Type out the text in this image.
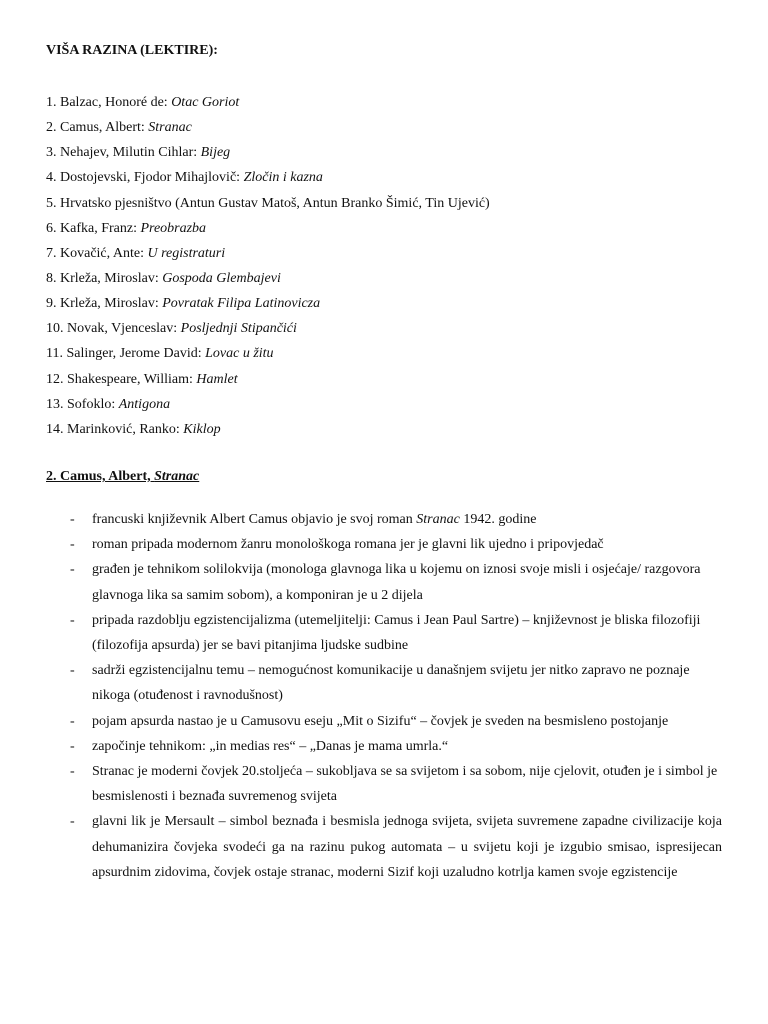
VIŠA RAZINA (LEKTIRE):
1. Balzac, Honoré de: Otac Goriot
2. Camus, Albert: Stranac
3. Nehajev, Milutin Cihlar: Bijeg
4. Dostojevski, Fjodor Mihajlovič: Zločin i kazna
5. Hrvatsko pjesništvo (Antun Gustav Matoš, Antun Branko Šimić, Tin Ujević)
6. Kafka, Franz: Preobrazba
7. Kovačić, Ante: U registraturi
8. Krleža, Miroslav: Gospoda Glembajevi
9. Krleža, Miroslav: Povratak Filipa Latinovicza
10. Novak, Vjenceslav: Posljednji Stipančići
11. Salinger, Jerome David: Lovac u žitu
12. Shakespeare, William: Hamlet
13. Sofoklo: Antigona
14. Marinković, Ranko: Kiklop
2. Camus, Albert, Stranac
- francuski književnik Albert Camus objavio je svoj roman Stranac 1942. godine
- roman pripada modernom žanru monološkoga romana jer je glavni lik ujedno i pripovjedač
- građen je tehnikom solilokvija (monologa glavnoga lika u kojemu on iznosi svoje misli i osjećaje/ razgovora glavnoga lika sa samim sobom), a komponiran je u 2 dijela
- pripada razdoblju egzistencijalizma (utemeljitelji: Camus i Jean Paul Sartre) – književnost je bliska filozofiji (filozofija apsurda) jer se bavi pitanjima ljudske sudbine
- sadrži egzistencijalnu temu – nemogućnost komunikacije u današnjem svijetu jer nitko zapravo ne poznaje nikoga (otuđenost i ravnodušnost)
- pojam apsurda nastao je u Camusovu eseju „Mit o Sizifu“ – čovjek je sveden na besmisleno postojanje
- započinje tehnikom: „in medias res“ – „Danas je mama umrla.“
- Stranac je moderni čovjek 20.stoljeća – sukobljava se sa svijetom i sa sobom, nije cjelovit, otuđen je i simbol je besmislenosti i beznađa suvremenog svijeta
- glavni lik je Mersault – simbol beznađa i besmisla jednoga svijeta, svijeta suvremene zapadne civilizacije koja dehumanizira čovjeka svodeći ga na razinu pukog automata – u svijetu koji je izgubio smisao, ispresijecan apsurdnim zidovima, čovjek ostaje stranac, moderni Sizif koji uzaludno kotrlja kamen svoje egzistencije
